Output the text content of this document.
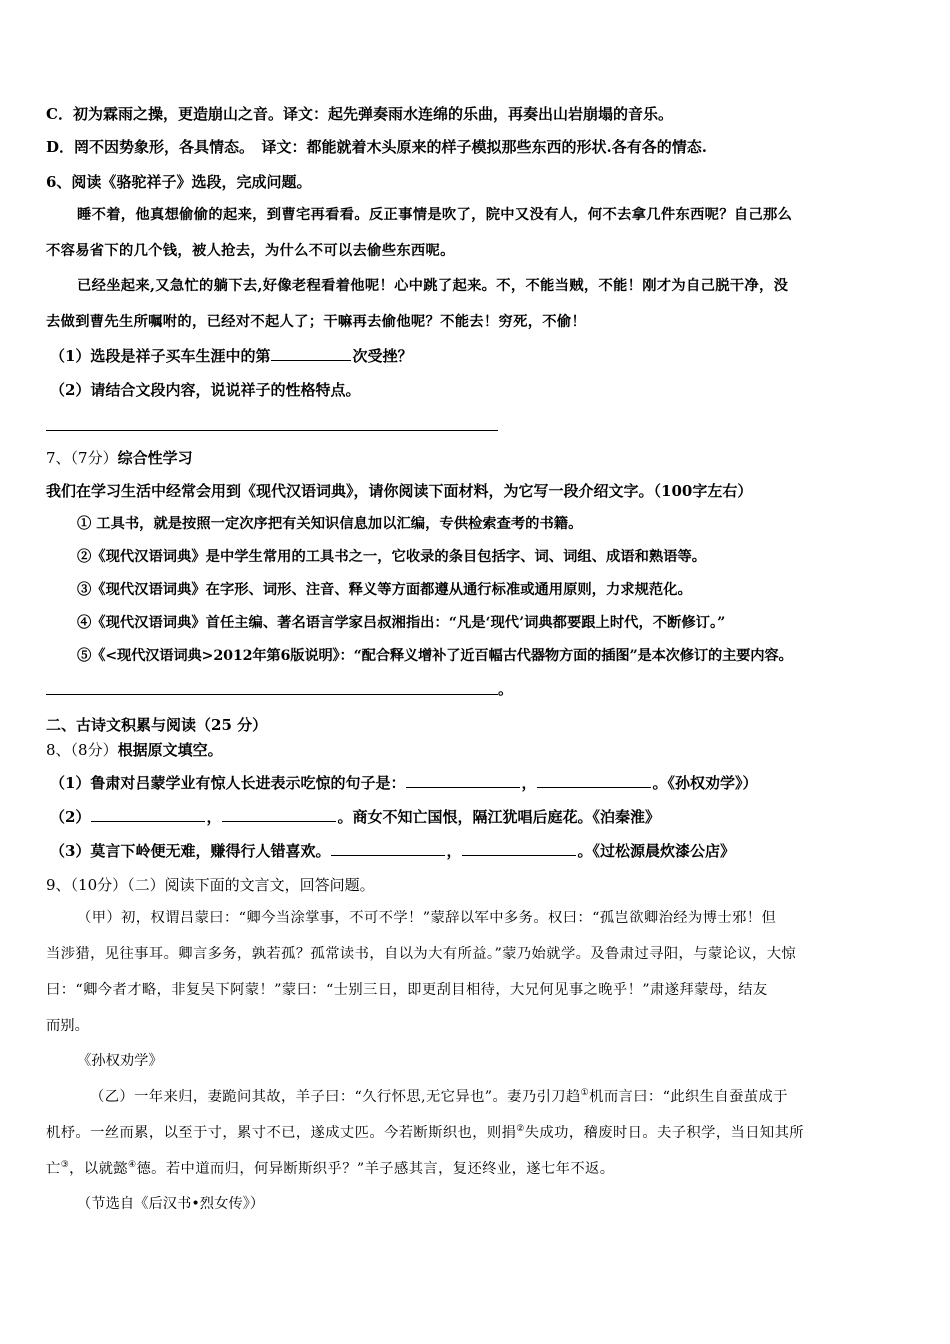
C．初为霖雨之操，更造崩山之音。译文：起先弹奏雨水连绵的乐曲，再奏出山岩崩塌的音乐。
D．罔不因势象形，各具情态。　译文：都能就着木头原来的样子模拟那些东西的形状.各有各的情态.
6、阅读《骆驼祥子》选段，完成问题。
睡不着，他真想偷偷的起来，到曹宅再看看。反正事情是吹了，院中又没有人，何不去拿几件东西呢？自己那么
不容易省下的几个钱，被人抢去，为什么不可以去偷些东西呢。
已经坐起来,又急忙的躺下去,好像老程看着他呢！心中跳了起来。不，不能当贼，不能！刚才为自己脱干净，没
去做到曹先生所嘱咐的，已经对不起人了；干嘛再去偷他呢？不能去！穷死，不偷！
（1）选段是祥子买车生涯中的第	次受挫？
（2）请结合文段内容，说说祥子的性格特点。
7、（7分）综合性学习
我们在学习生活中经常会用到《现代汉语词典》，请你阅读下面材料，为它写一段介绍文字。（100字左右）
① 工具书，就是按照一定次序把有关知识信息加以汇编，专供检索查考的书籍。
②《现代汉语词典》是中学生常用的工具书之一，它收录的条目包括字、词、词组、成语和熟语等。
③《现代汉语词典》在字形、词形、注音、释义等方面都遵从通行标准或通用原则，力求规范化。
④《现代汉语词典》首任主编、著名语言学家吕叔湘指出：“凡是‘现代’词典都要跟上时代，不断修订。”
⑤《<现代汉语词典>2012年第6版说明》：“配合释义增补了近百幅古代器物方面的插图”是本次修订的主要内容。
。
二、古诗文积累与阅读（25 分）
8、（8分）根据原文填空。
（1）鲁肃对吕蒙学业有惊人长进表示吃惊的句子是：	，	。《孙权劝学》）
（2）	，	。商女不知亡国恨，隔江犹唱后庭花。《泊秦淮》
（3）莫言下岭便无难，赚得行人错喜欢。	，	。《过松源晨炊漆公店》
9、（10分）（二）阅读下面的文言文，回答问题。
（甲）初，权谓吕蒙曰：“卿今当涂掌事，不可不学！”蒙辞以军中多务。权曰：“孤岂欲卿治经为博士邪！但
当涉猎，见往事耳。卿言多务，孰若孤？孤常读书，自以为大有所益。”蒙乃始就学。及鲁肃过寻阳，与蒙论议，大惊
曰：“卿今者才略，非复吴下阿蒙！”蒙曰：“士别三日，即更刮目相待，大兄何见事之晚乎！”肃遂拜蒙母，结友
而别。
《孙权劝学》
（乙）一年来归，妻跪问其故，羊子曰：“久行怀思,无它异也”。妻乃引刀趋①机而言曰：“此织生自蚕茧成于
机杼。一丝而累，以至于寸，累寸不已，遂成丈匹。今若断斯织也，则捐②失成功，稽废时日。夫子积学，当日知其所
亡③，以就懿④德。若中道而归，何异断斯织乎？”羊子感其言，复还终业，遂七年不返。
（节选自《后汉书•烈女传》）
